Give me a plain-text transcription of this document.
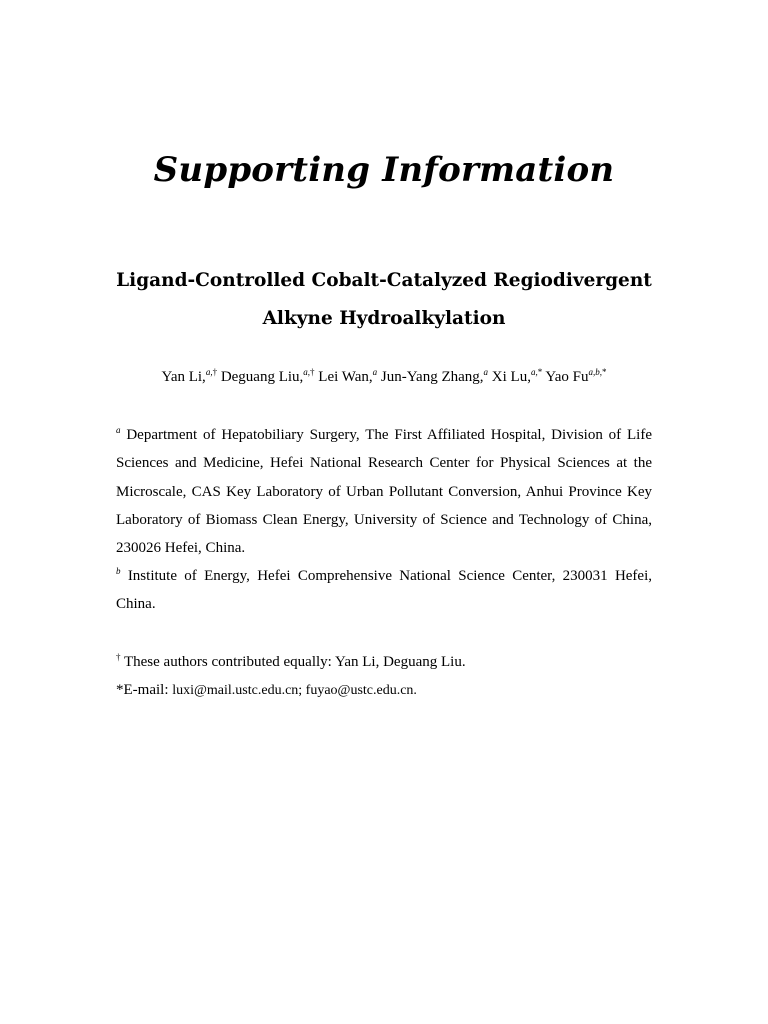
Supporting Information
Ligand-Controlled Cobalt-Catalyzed Regiodivergent
Alkyne Hydroalkylation
Yan Li,$^{a,\dagger}$ Deguang Liu,$^{a,\dagger}$ Lei Wan,$^a$ Jun-Yang Zhang,$^a$ Xi Lu,$^{a,*}$ Yao $Fu^{a,b,*}$
$^a$ Department of Hepatobiliary Surgery, The First Affiliated Hospital, Division of Life Sciences and Medicine, Hefei National Research Center for Physical Sciences at the Microscale, CAS Key Laboratory of Urban Pollutant Conversion, Anhui Province Key Laboratory of Biomass Clean Energy, University of Science and Technology of China, 230026 Hefei, China.
$^b$ Institute of Energy, Hefei Comprehensive National Science Center, 230031 Hefei, China.
† These authors contributed equally: Yan Li, Deguang Liu.
*E-mail: luxi@mail.ustc.edu.cn; fuyao@ustc.edu.cn.
